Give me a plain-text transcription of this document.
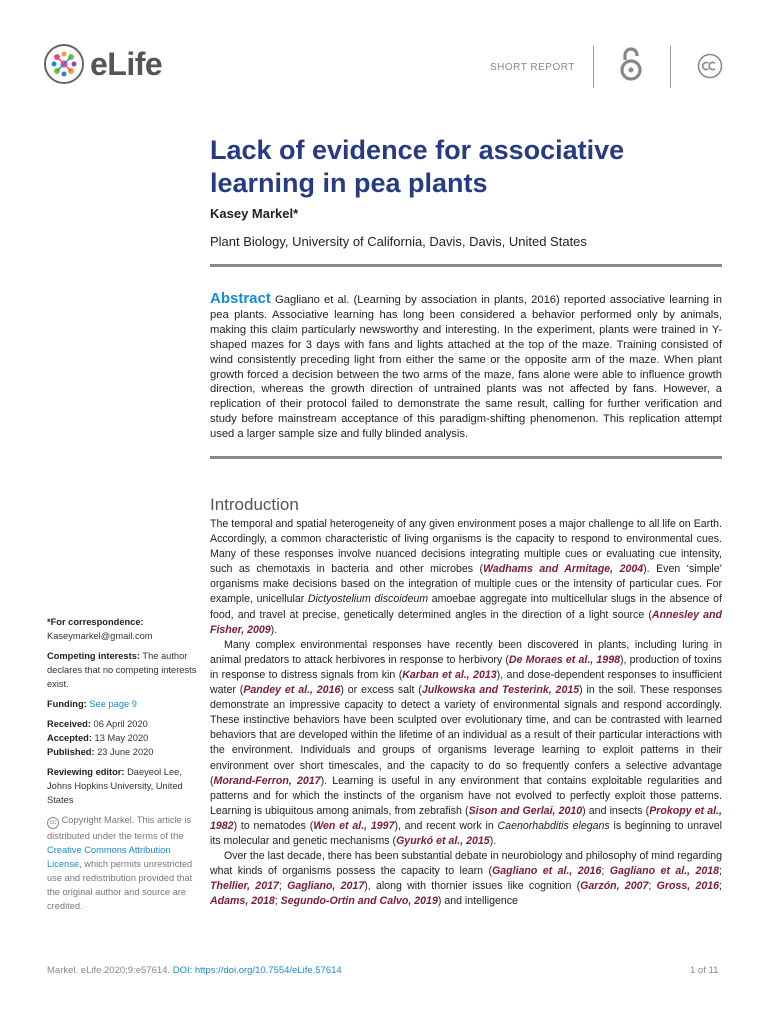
eLife	SHORT REPORT
Lack of evidence for associative learning in pea plants
Kasey Markel*
Plant Biology, University of California, Davis, Davis, United States

Abstract Gagliano et al. (Learning by association in plants, 2016) reported associative learning in pea plants. Associative learning has long been considered a behavior performed only by animals, making this claim particularly newsworthy and interesting. In the experiment, plants were trained in Y-shaped mazes for 3 days with fans and lights attached at the top of the maze. Training consisted of wind consistently preceding light from either the same or the opposite arm of the maze. When plant growth forced a decision between the two arms of the maze, fans alone were able to influence growth direction, whereas the growth direction of untrained plants was not affected by fans. However, a replication of their protocol failed to demonstrate the same result, calling for further verification and study before mainstream acceptance of this paradigm-shifting phenomenon. This replication attempt used a larger sample size and fully blinded analysis.

Introduction

The temporal and spatial heterogeneity of any given environment poses a major challenge to all life on Earth. Accordingly, a common characteristic of living organisms is the capacity to respond to environmental cues. Many of these responses involve nuanced decisions integrating multiple cues or evaluating cue intensity, such as chemotaxis in bacteria and other microbes (Wadhams and Armitage, 2004). Even ‘simple’ organisms make decisions based on the integration of multiple cues or the intensity of particular cues. For example, unicellular Dictyostelium discoideum amoebae aggregate into multicellular slugs in the absence of food, and travel at precise, genetically determined angles in the direction of a light source (Annesley and Fisher, 2009).

Many complex environmental responses have recently been discovered in plants, including luring in animal predators to attack herbivores in response to herbivory (De Moraes et al., 1998), production of toxins in response to distress signals from kin (Karban et al., 2013), and dose-dependent responses to insufficient water (Pandey et al., 2016) or excess salt (Julkowska and Testerink, 2015) in the soil. These responses demonstrate an impressive capacity to detect a variety of environmental signals and respond accordingly. These instinctive behaviors have been sculpted over evolutionary time, and can be contrasted with learned behaviors that are developed within the lifetime of an individual as a result of their particular interactions with the environment. Individuals and groups of organisms leverage learning to exploit patterns in their environment over short timescales, and the capacity to do so frequently confers a selective advantage (Morand-Ferron, 2017). Learning is useful in any environment that contains exploitable regularities and patterns and for which the instincts of the organism have not evolved to perfectly exploit those patterns. Learning is ubiquitous among animals, from zebrafish (Sison and Gerlai, 2010) and insects (Prokopy et al., 1982) to nematodes (Wen et al., 1997), and recent work in Caenorhabditis elegans is beginning to unravel its molecular and genetic mechanisms (Gyurkó et al., 2015).

Over the last decade, there has been substantial debate in neurobiology and philosophy of mind regarding what kinds of organisms possess the capacity to learn (Gagliano et al., 2016; Gagliano et al., 2018; Thellier, 2017; Gagliano, 2017), along with thornier issues like cognition (Garzón, 2007; Gross, 2016; Adams, 2018; Segundo-Ortin and Calvo, 2019) and intelligence

*For correspondence:
Kaseymarkel@gmail.com
Competing interests: The author declares that no competing interests exist.
Funding: See page 9
Received: 06 April 2020
Accepted: 13 May 2020
Published: 23 June 2020
Reviewing editor: Daeyeol Lee, Johns Hopkins University, United States
cc Copyright Markel. This article is distributed under the terms of the Creative Commons Attribution License, which permits unrestricted use and redistribution provided that the original author and source are credited.
Markel. eLife 2020;9:e57614. DOI: https://doi.org/10.7554/eLife.57614	1 of 11
